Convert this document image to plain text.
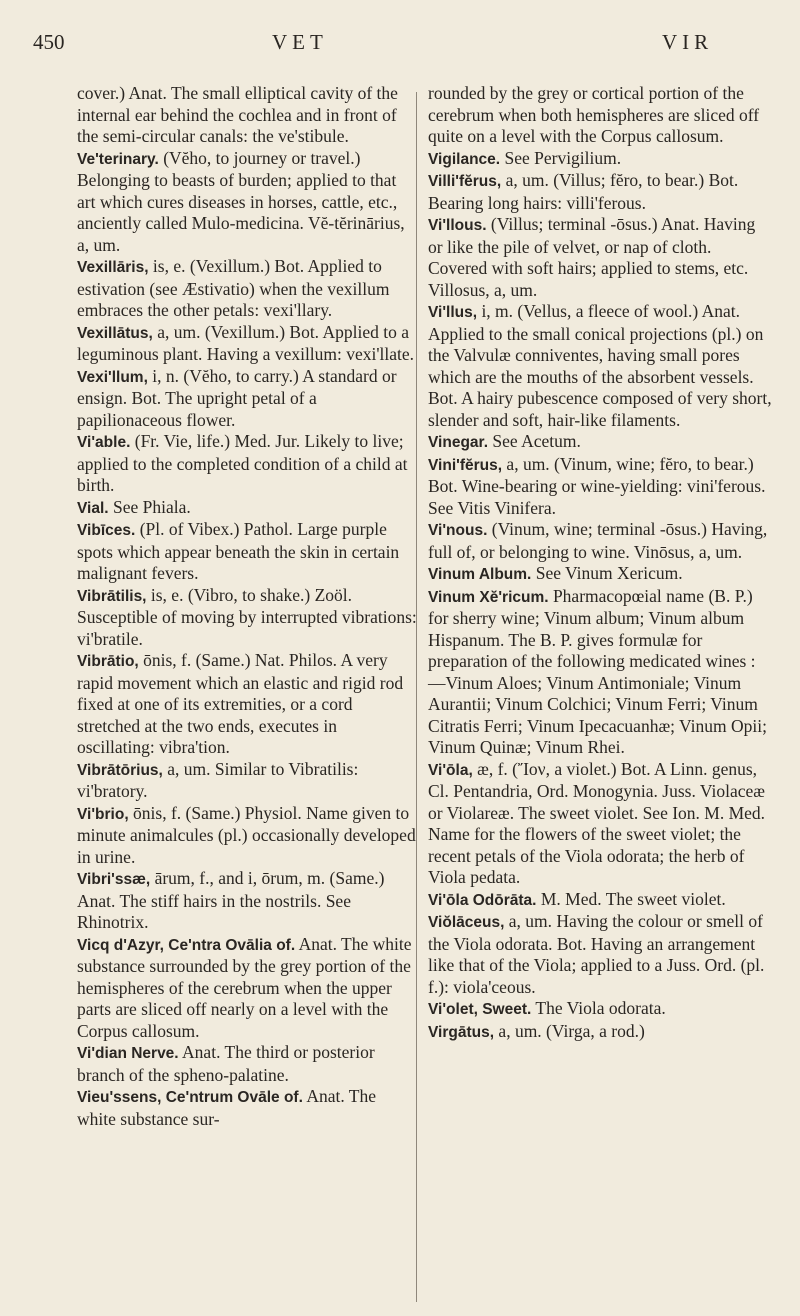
450	VET	VIR

cover.) Anat. The small elliptical cavity of the internal ear behind the cochlea and in front of the semi-circular canals: the ve'stibule.

Ve'terinary. (Vĕho, to journey or travel.) Belonging to beasts of burden; applied to that art which cures diseases in horses, cattle, etc., anciently called Mulo-medicina. Vĕ-tĕrinārius, a, um.

Vexillāris, is, e. (Vexillum.) Bot. Applied to estivation (see Æstivatio) when the vexillum embraces the other petals: vexi'llary.

Vexillātus, a, um. (Vexillum.) Bot. Applied to a leguminous plant. Having a vexillum: vexi'llate.

Vexi'llum, i, n. (Vĕho, to carry.) A standard or ensign. Bot. The upright petal of a papilionaceous flower.

Vi'able. (Fr. Vie, life.) Med. Jur. Likely to live; applied to the completed condition of a child at birth.

Vial. See Phiala.

Vibīces. (Pl. of Vibex.) Pathol. Large purple spots which appear beneath the skin in certain malignant fevers.

Vibrātilis, is, e. (Vibro, to shake.) Zoöl. Susceptible of moving by interrupted vibrations: vi'bratile.

Vibrātio, ōnis, f. (Same.) Nat. Philos. A very rapid movement which an elastic and rigid rod fixed at one of its extremities, or a cord stretched at the two ends, executes in oscillating: vibra'tion.

Vibrātōrius, a, um. Similar to Vibratilis: vi'bratory.

Vi'brio, ōnis, f. (Same.) Physiol. Name given to minute animalcules (pl.) occasionally developed in urine.

Vibri'ssæ, ārum, f., and i, ōrum, m. (Same.) Anat. The stiff hairs in the nostrils. See Rhinotrix.

Vicq d'Azyr, Ce'ntra Ovālia of. Anat. The white substance surrounded by the grey portion of the hemispheres of the cerebrum when the upper parts are sliced off nearly on a level with the Corpus callosum.

Vi'dian Nerve. Anat. The third or posterior branch of the spheno-palatine.

Vieu'ssens, Ce'ntrum Ovāle of. Anat. The white substance sur-

rounded by the grey or cortical portion of the cerebrum when both hemispheres are sliced off quite on a level with the Corpus callosum.

Vigilance. See Pervigilium.

Villi'fĕrus, a, um. (Villus; fĕro, to bear.) Bot. Bearing long hairs: villi'ferous.

Vi'llous. (Villus; terminal -ōsus.) Anat. Having or like the pile of velvet, or nap of cloth. Covered with soft hairs; applied to stems, etc. Villosus, a, um.

Vi'llus, i, m. (Vellus, a fleece of wool.) Anat. Applied to the small conical projections (pl.) on the Valvulæ conniventes, having small pores which are the mouths of the absorbent vessels. Bot. A hairy pubescence composed of very short, slender and soft, hair-like filaments.

Vinegar. See Acetum.

Vini'fĕrus, a, um. (Vinum, wine; fĕro, to bear.) Bot. Wine-bearing or wine-yielding: vini'ferous. See Vitis Vinifera.

Vi'nous. (Vinum, wine; terminal -ōsus.) Having, full of, or belonging to wine. Vinōsus, a, um.

Vinum Album. See Vinum Xericum.

Vinum Xĕ'ricum. Pharmacopœial name (B. P.) for sherry wine; Vinum album; Vinum album Hispanum. The B. P. gives formulæ for preparation of the following medicated wines :—Vinum Aloes; Vinum Antimoniale; Vinum Aurantii; Vinum Colchici; Vinum Ferri; Vinum Citratis Ferri; Vinum Ipecacuanhæ; Vinum Opii; Vinum Quinæ; Vinum Rhei.

Vi'ōla, æ, f. (Ἴον, a violet.) Bot. A Linn. genus, Cl. Pentandria, Ord. Monogynia. Juss. Violaceæ or Violareæ. The sweet violet. See Ion. M. Med. Name for the flowers of the sweet violet; the recent petals of the Viola odorata; the herb of Viola pedata.

Vi'ōla Odōrāta. M. Med. The sweet violet.

Viŏlāceus, a, um. Having the colour or smell of the Viola odorata. Bot. Having an arrangement like that of the Viola; applied to a Juss. Ord. (pl. f.): viola'ceous.

Vi'olet, Sweet. The Viola odorata.

Virgātus, a, um. (Virga, a rod.)
